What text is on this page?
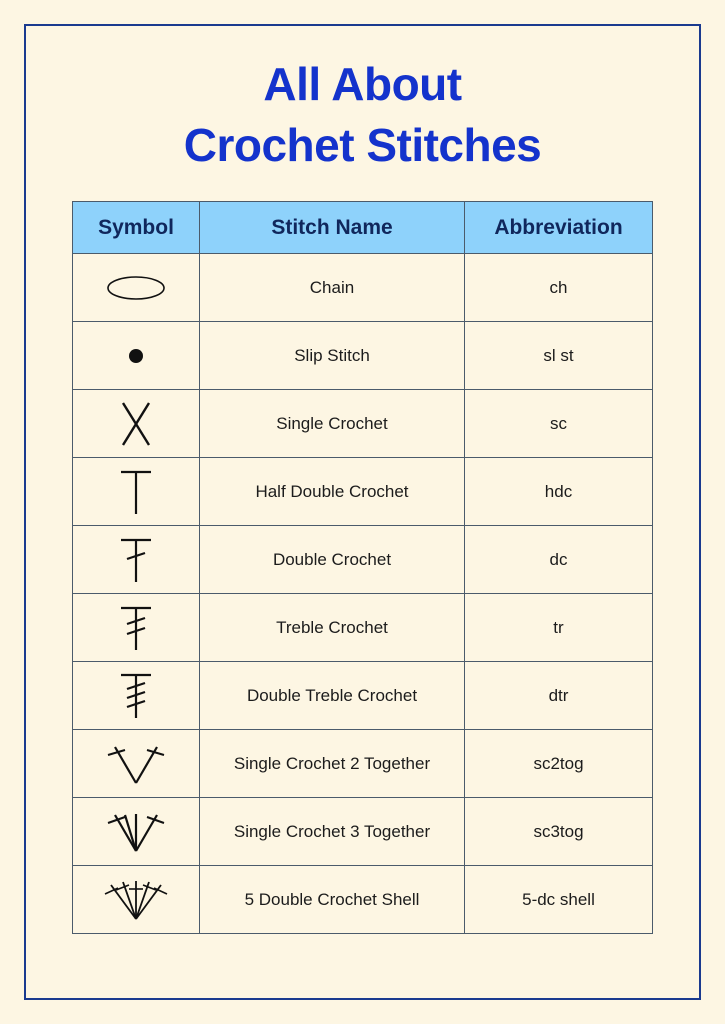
All About
Crochet Stitches
Symbol	Stitch Name	Abbreviation

	Chain	ch

	Slip Stitch	sl st

	Single Crochet	sc

	Half Double Crochet	hdc

	Double Crochet	dc

	Treble Crochet	tr

	Double Treble Crochet	dtr

	Single Crochet 2 Together	sc2tog

	Single Crochet 3 Together	sc3tog

	5 Double Crochet Shell	5-dc shell
